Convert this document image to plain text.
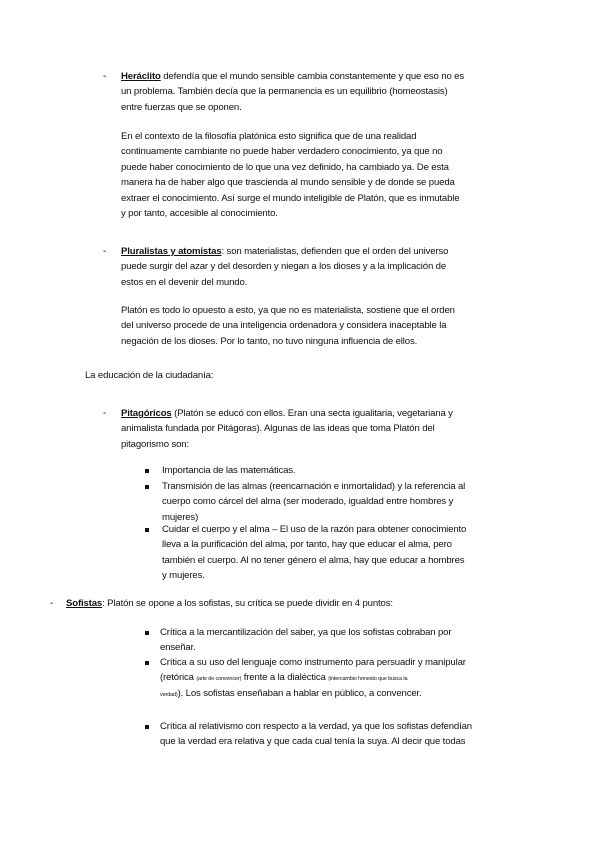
- Heráclito defendía que el mundo sensible cambia constantemente y que eso no es
un problema. También decía que la permanencia es un equilibrio (homeostasis)
entre fuerzas que se oponen.
En el contexto de la filosofía platónica esto significa que de una realidad
continuamente cambiante no puede haber verdadero conocimiento, ya que no
puede haber conocimiento de lo que una vez definido, ha cambiado ya. De esta
manera ha de haber algo que trascienda al mundo sensible y de donde se pueda
extraer el conocimiento. Así surge el mundo inteligible de Platón, que es inmutable
y por tanto, accesible al conocimiento.
- Pluralistas y atomistas: son materialistas, defienden que el orden del universo
puede surgir del azar y del desorden y niegan a los dioses y a la implicación de
estos en el devenir del mundo.
Platón es todo lo opuesto a esto, ya que no es materialista, sostiene que el orden
del universo procede de una inteligencia ordenadora y considera inaceptable la
negación de los dioses. Por lo tanto, no tuvo ninguna influencia de ellos.
La educación de la ciudadanía:
- Pitagóricos (Platón se educó con ellos. Eran una secta igualitaria, vegetariana y
animalista fundada por Pitágoras). Algunas de las ideas que toma Platón del
pitagorismo son:
Importancia de las matemáticas.
Transmisión de las almas (reencarnación e inmortalidad) y la referencia al
cuerpo como cárcel del alma (ser moderado, igualdad entre hombres y
mujeres)
Cuidar el cuerpo y el alma – El uso de la razón para obtener conocimiento
lleva a la purificación del alma, por tanto, hay que educar el alma, pero
también el cuerpo. Al no tener género el alma, hay que educar a hombres
y mujeres.
- Sofistas: Platón se opone a los sofistas, su crítica se puede dividir en 4 puntos:
Crítica a la mercantilización del saber, ya que los sofistas cobraban por
enseñar.
Crítica a su uso del lenguaje como instrumento para persuadir y manipular
(retórica (arte de convencer) frente a la dialéctica (intercambio honesto que busca la
verdad)). Los sofistas enseñaban a hablar en público, a convencer.
Crítica al relativismo con respecto a la verdad, ya que los sofistas defendían
que la verdad era relativa y que cada cual tenía la suya. Al decir que todas
